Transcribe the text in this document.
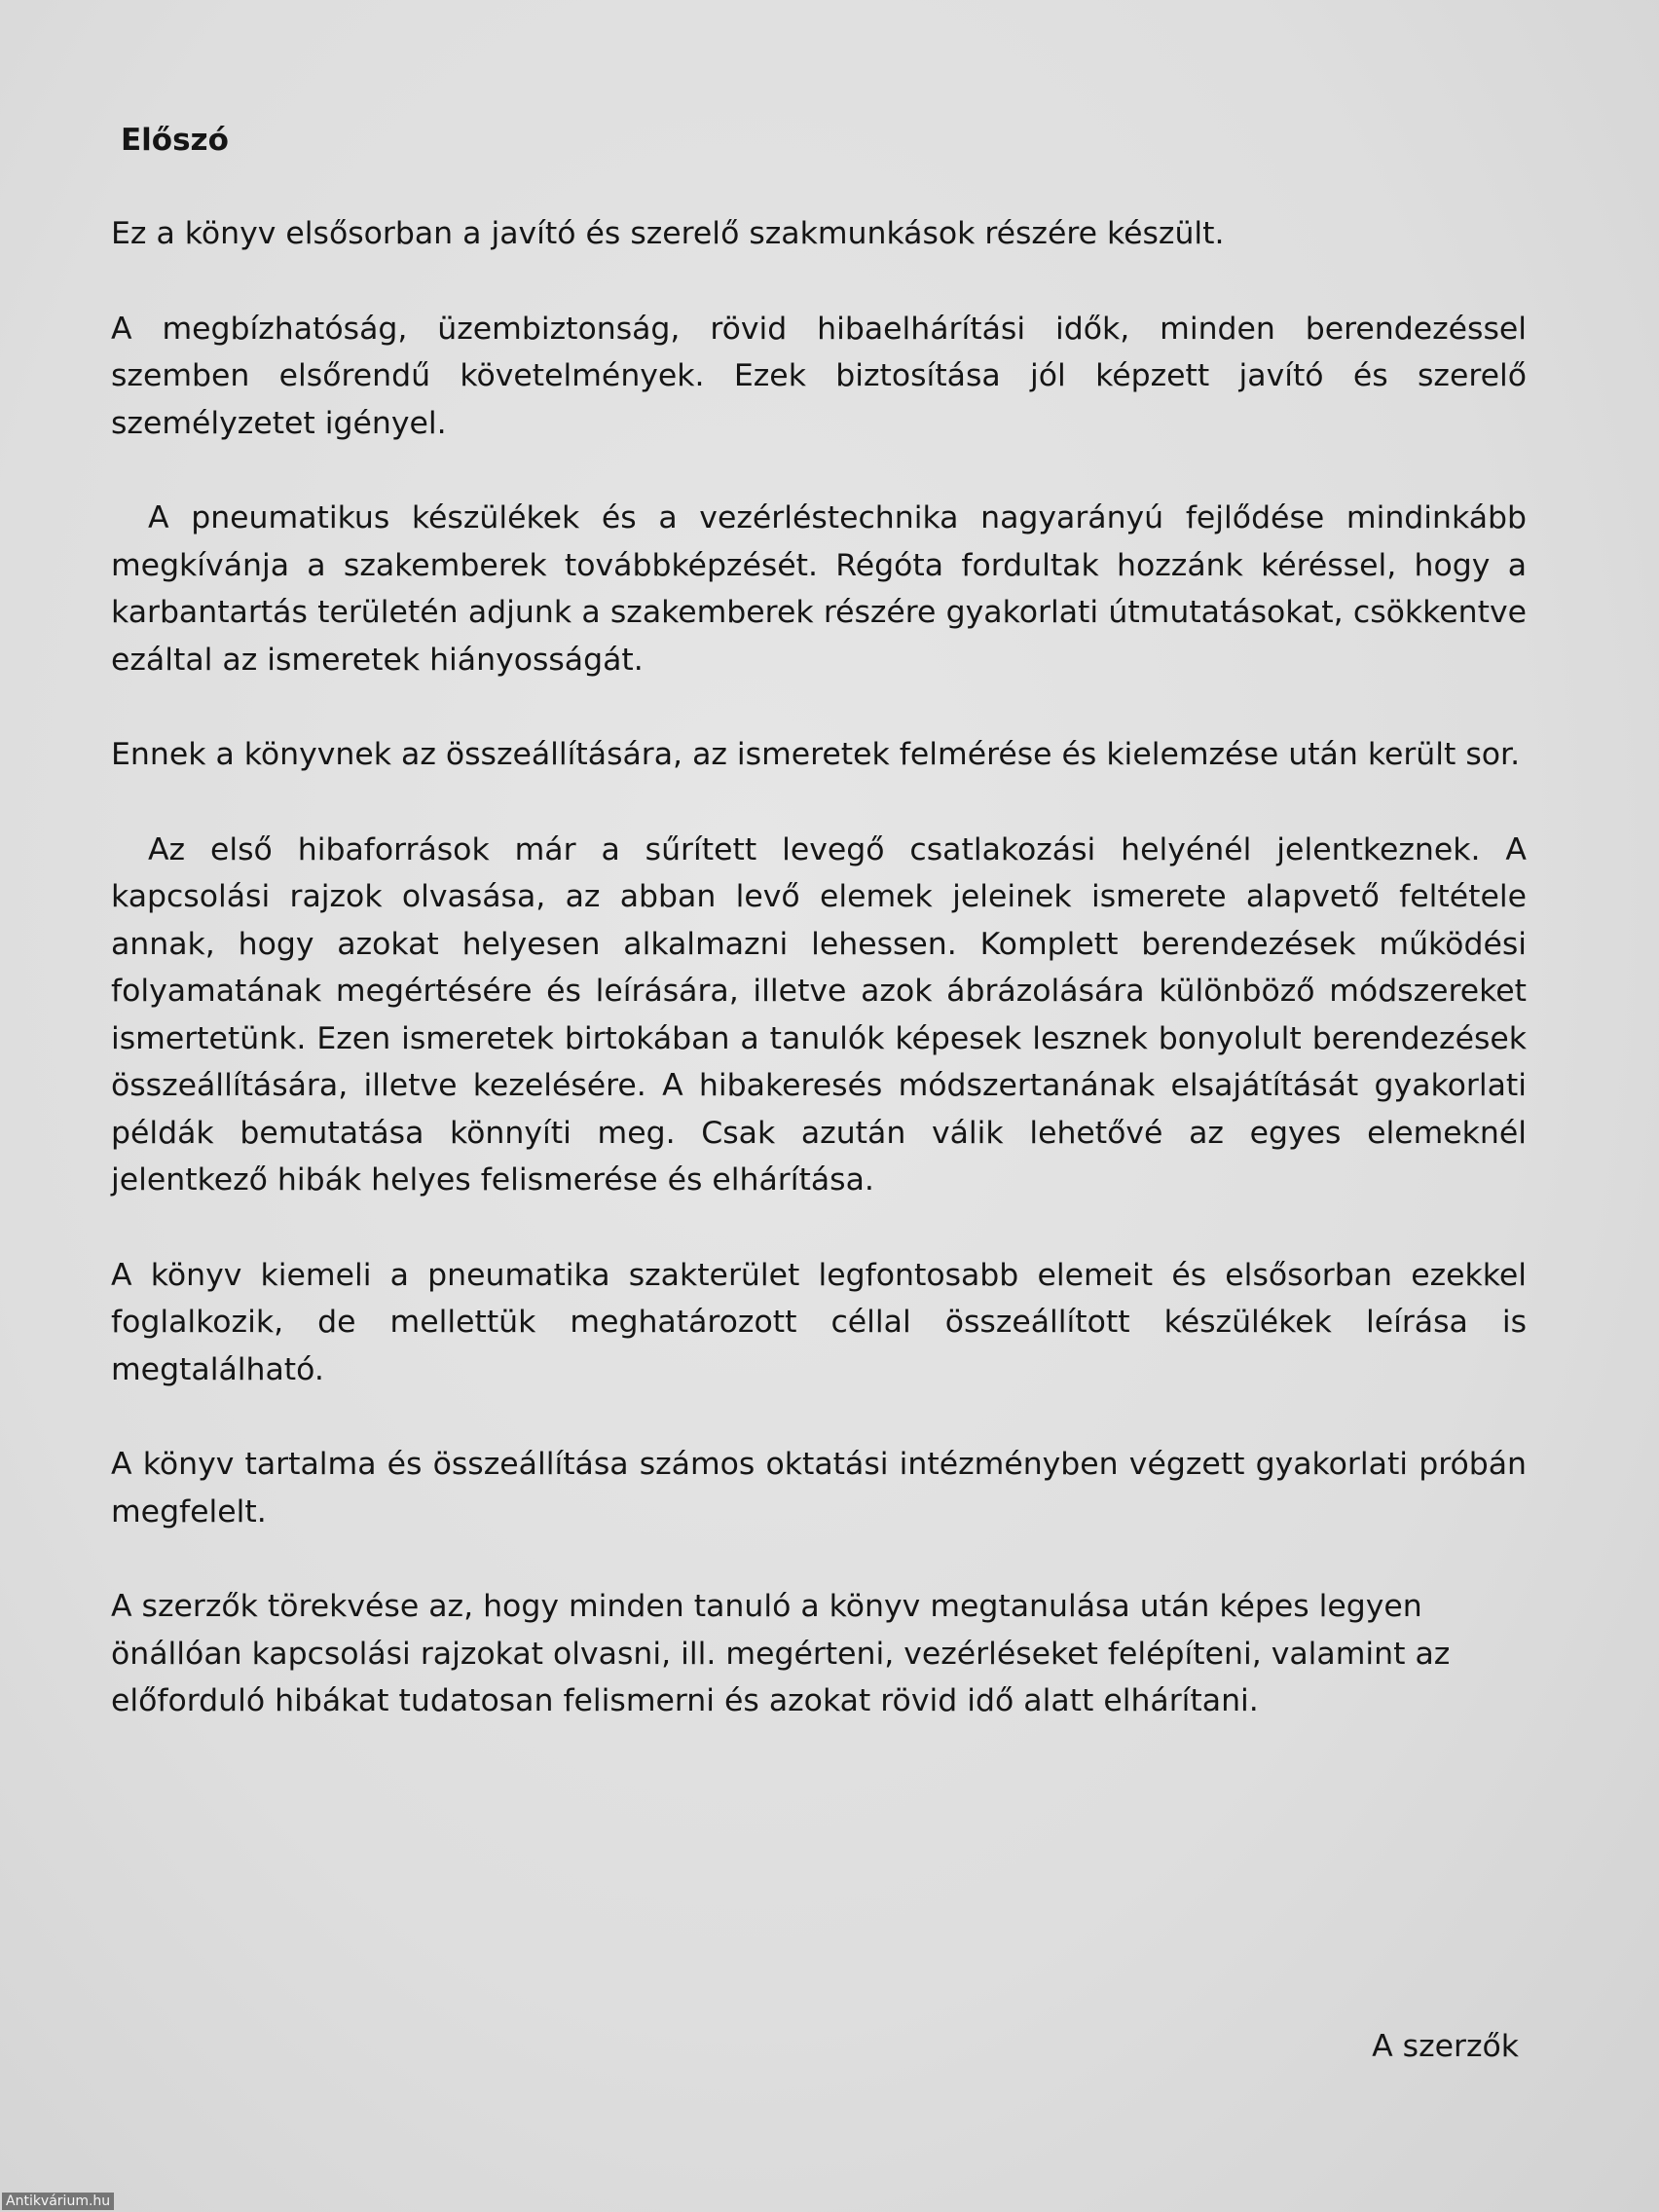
Előszó
Ez a könyv elsősorban a javító és szerelő szakmunkások részére készült.
A megbízhatóság, üzembiztonság, rövid hibaelhárítási idők, minden berendezéssel szemben elsőrendű követelmények. Ezek biztosítása jól képzett javító és szerelő személyzetet igényel.
A pneumatikus készülékek és a vezérléstechnika nagyarányú fejlődése mindinkább megkívánja a szakemberek továbbképzését. Régóta fordultak hozzánk kéréssel, hogy a karbantartás területén adjunk a szakemberek részére gyakorlati útmutatásokat, csökkentve ezáltal az ismeretek hiányosságát.
Ennek a könyvnek az összeállítására, az ismeretek felmérése és kielemzése után került sor.
Az első hibaforrások már a sűrített levegő csatlakozási helyénél jelentkeznek. A kapcsolási rajzok olvasása, az abban levő elemek jeleinek ismerete alapvető feltétele annak, hogy azokat helyesen alkalmazni lehessen. Komplett berendezések működési folyamatának megértésére és leírására, illetve azok ábrázolására különböző módszereket ismertetünk. Ezen ismeretek birtokában a tanulók képesek lesznek bonyolult berendezések összeállítására, illetve kezelésére. A hibakeresés módszertanának elsajátítását gyakorlati példák bemutatása könnyíti meg. Csak azután válik lehetővé az egyes elemeknél jelentkező hibák helyes felismerése és elhárítása.
A könyv kiemeli a pneumatika szakterület legfontosabb elemeit és elsősorban ezekkel foglalkozik, de mellettük meghatározott céllal összeállított készülékek leírása is megtalálható.
A könyv tartalma és összeállítása számos oktatási intézményben végzett gyakorlati próbán megfelelt.
A szerzők törekvése az, hogy minden tanuló a könyv megtanulása után képes legyen önállóan kapcsolási rajzokat olvasni, ill. megérteni, vezérléseket felépíteni, valamint az előforduló hibákat tudatosan felismerni és azokat rövid idő alatt elhárítani.
A szerzők
Antikvárium.hu
